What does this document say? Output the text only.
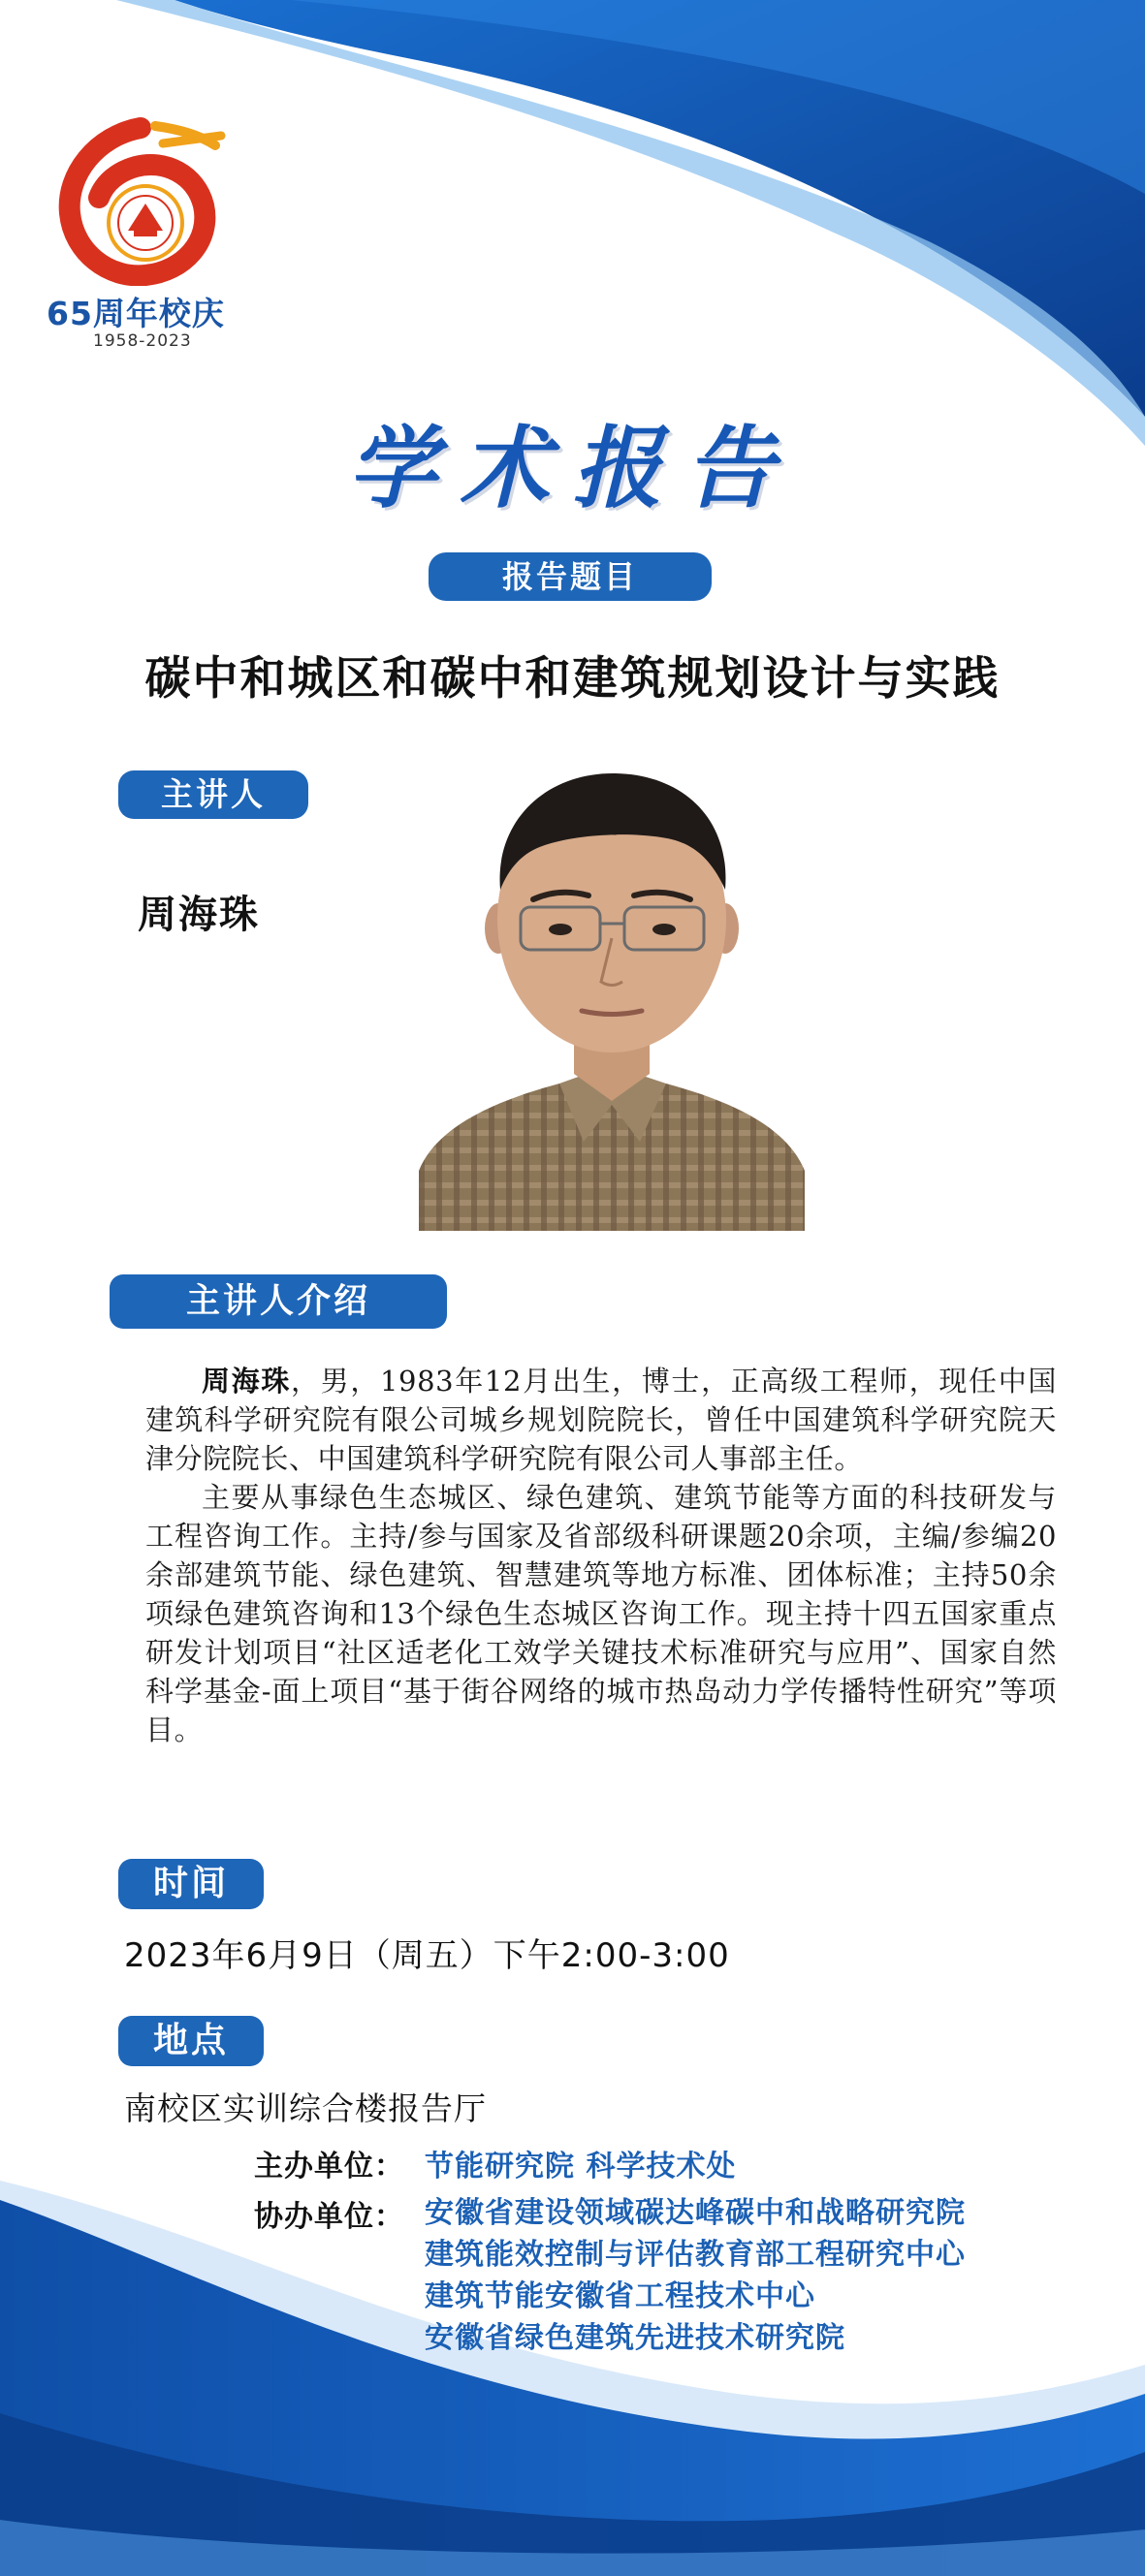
65周年校庆
1958-2023
学术报告
报告题目
碳中和城区和碳中和建筑规划设计与实践
主讲人
周海珠
主讲人介绍

周海珠，男，1983年12月出生，博士，正高级工程师，现任中国建筑科学研究院有限公司城乡规划院院长，曾任中国建筑科学研究院天津分院院长、中国建筑科学研究院有限公司人事部主任。

主要从事绿色生态城区、绿色建筑、建筑节能等方面的科技研发与工程咨询工作。主持/参与国家及省部级科研课题20余项，主编/参编20余部建筑节能、绿色建筑、智慧建筑等地方标准、团体标准；主持50余项绿色建筑咨询和13个绿色生态城区咨询工作。现主持十四五国家重点研发计划项目“社区适老化工效学关键技术标准研究与应用”、国家自然科学基金-面上项目“基于街谷网络的城市热岛动力学传播特性研究”等项目。

时间
2023年6月9日（周五）下午2:00-3:00
地点
南校区实训综合楼报告厅
主办单位： 节能研究院 科学技术处
协办单位： 安徽省建设领域碳达峰碳中和战略研究院
建筑能效控制与评估教育部工程研究中心
建筑节能安徽省工程技术中心
安徽省绿色建筑先进技术研究院
